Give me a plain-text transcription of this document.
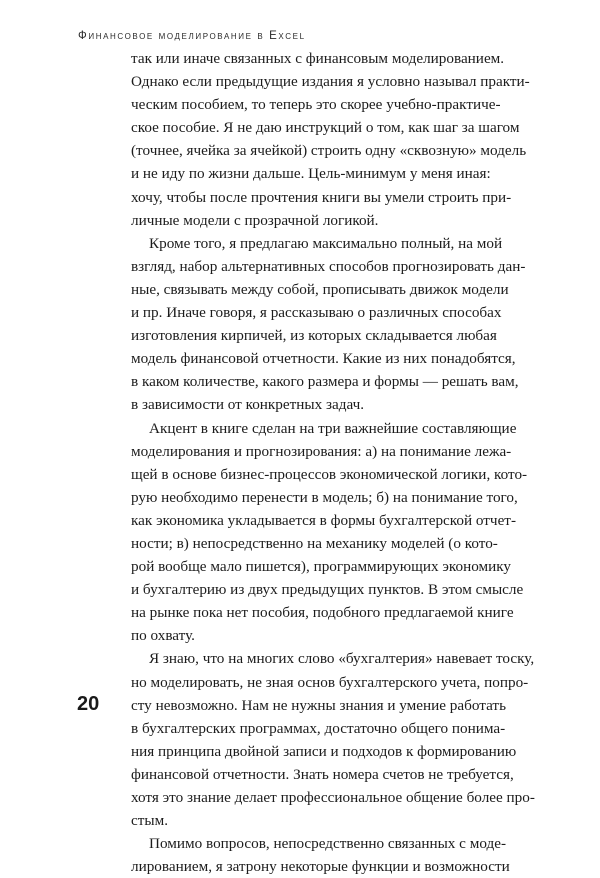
Финансовое моделирование в Excel
так или иначе связанных с финансовым моделированием.
Однако если предыдущие издания я условно называл практи-
ческим пособием, то теперь это скорее учебно-практиче-
ское пособие. Я не даю инструкций о том, как шаг за шагом
(точнее, ячейка за ячейкой) строить одну «сквозную» модель
и не иду по жизни дальше. Цель-минимум у меня иная:
хочу, чтобы после прочтения книги вы умели строить при-
личные модели с прозрачной логикой.
Кроме того, я предлагаю максимально полный, на мой
взгляд, набор альтернативных способов прогнозировать дан-
ные, связывать между собой, прописывать движок модели
и пр. Иначе говоря, я рассказываю о различных способах
изготовления кирпичей, из которых складывается любая
модель финансовой отчетности. Какие из них понадобятся,
в каком количестве, какого размера и формы — решать вам,
в зависимости от конкретных задач.
Акцент в книге сделан на три важнейшие составляющие
моделирования и прогнозирования: а) на понимание лежа-
щей в основе бизнес-процессов экономической логики, кото-
рую необходимо перенести в модель; б) на понимание того,
как экономика укладывается в формы бухгалтерской отчет-
ности; в) непосредственно на механику моделей (о кото-
рой вообще мало пишется), программирующих экономику
и бухгалтерию из двух предыдущих пунктов. В этом смысле
на рынке пока нет пособия, подобного предлагаемой книге
по охвату.
Я знаю, что на многих слово «бухгалтерия» навевает тоску,
но моделировать, не зная основ бухгалтерского учета, попро-
сту невозможно. Нам не нужны знания и умение работать
в бухгалтерских программах, достаточно общего понима-
ния принципа двойной записи и подходов к формированию
финансовой отчетности. Знать номера счетов не требуется,
хотя это знание делает профессиональное общение более про-
стым.
Помимо вопросов, непосредственно связанных с моде-
лированием, я затрону некоторые функции и возможности
20
